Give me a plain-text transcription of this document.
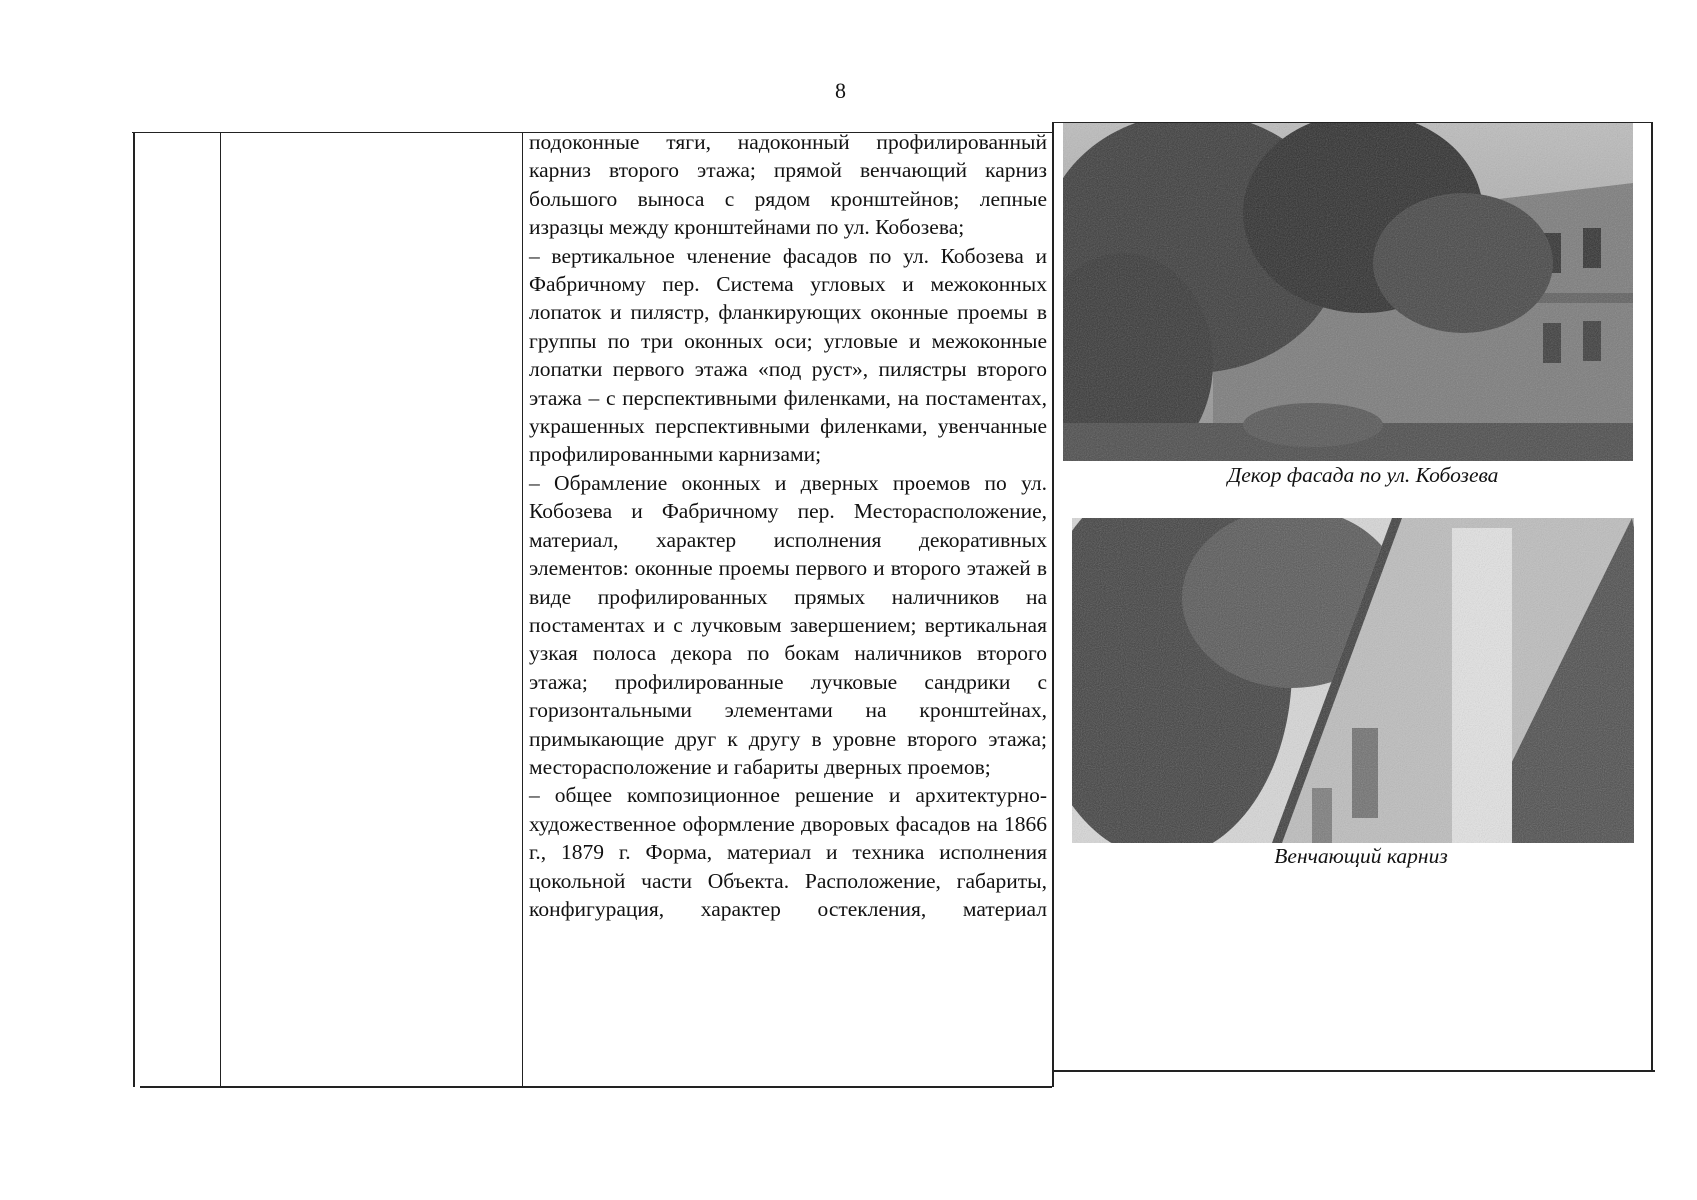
8

подоконные тяги, надоконный профилированный карниз второго этажа; прямой венчающий карниз большого выноса с рядом кронштейнов; лепные изразцы между кронштейнами по ул. Кобозева;

– вертикальное членение фасадов по ул. Кобозева и Фабричному пер. Система угловых и межоконных лопаток и пилястр, фланкирующих оконные проемы в группы по три оконных оси; угловые и межоконные лопатки первого этажа «под руст», пилястры второго этажа – с перспективными филенками, на постаментах, украшенных перспективными филенками, увенчанные профилированными карнизами;

– Обрамление оконных и дверных проемов по ул. Кобозева и Фабричному пер. Месторасположение, материал, характер исполнения декоративных элементов: оконные проемы первого и второго этажей в виде профилированных прямых наличников на постаментах и с лучковым завершением; вертикальная узкая полоса декора по бокам наличников второго этажа; профилированные лучковые сандрики с горизонтальными элементами на кронштейнах, примыкающие друг к другу в уровне второго этажа; месторасположение и габариты дверных проемов;

– общее композиционное решение и архитектурно-художественное оформление дворовых фасадов на 1866 г., 1879 г. Форма, материал и техника исполнения цокольной части Объекта. Расположение, габариты, конфигурация, характер остекления, материал

Декор фасада по ул. Кобозева
Венчающий карниз
